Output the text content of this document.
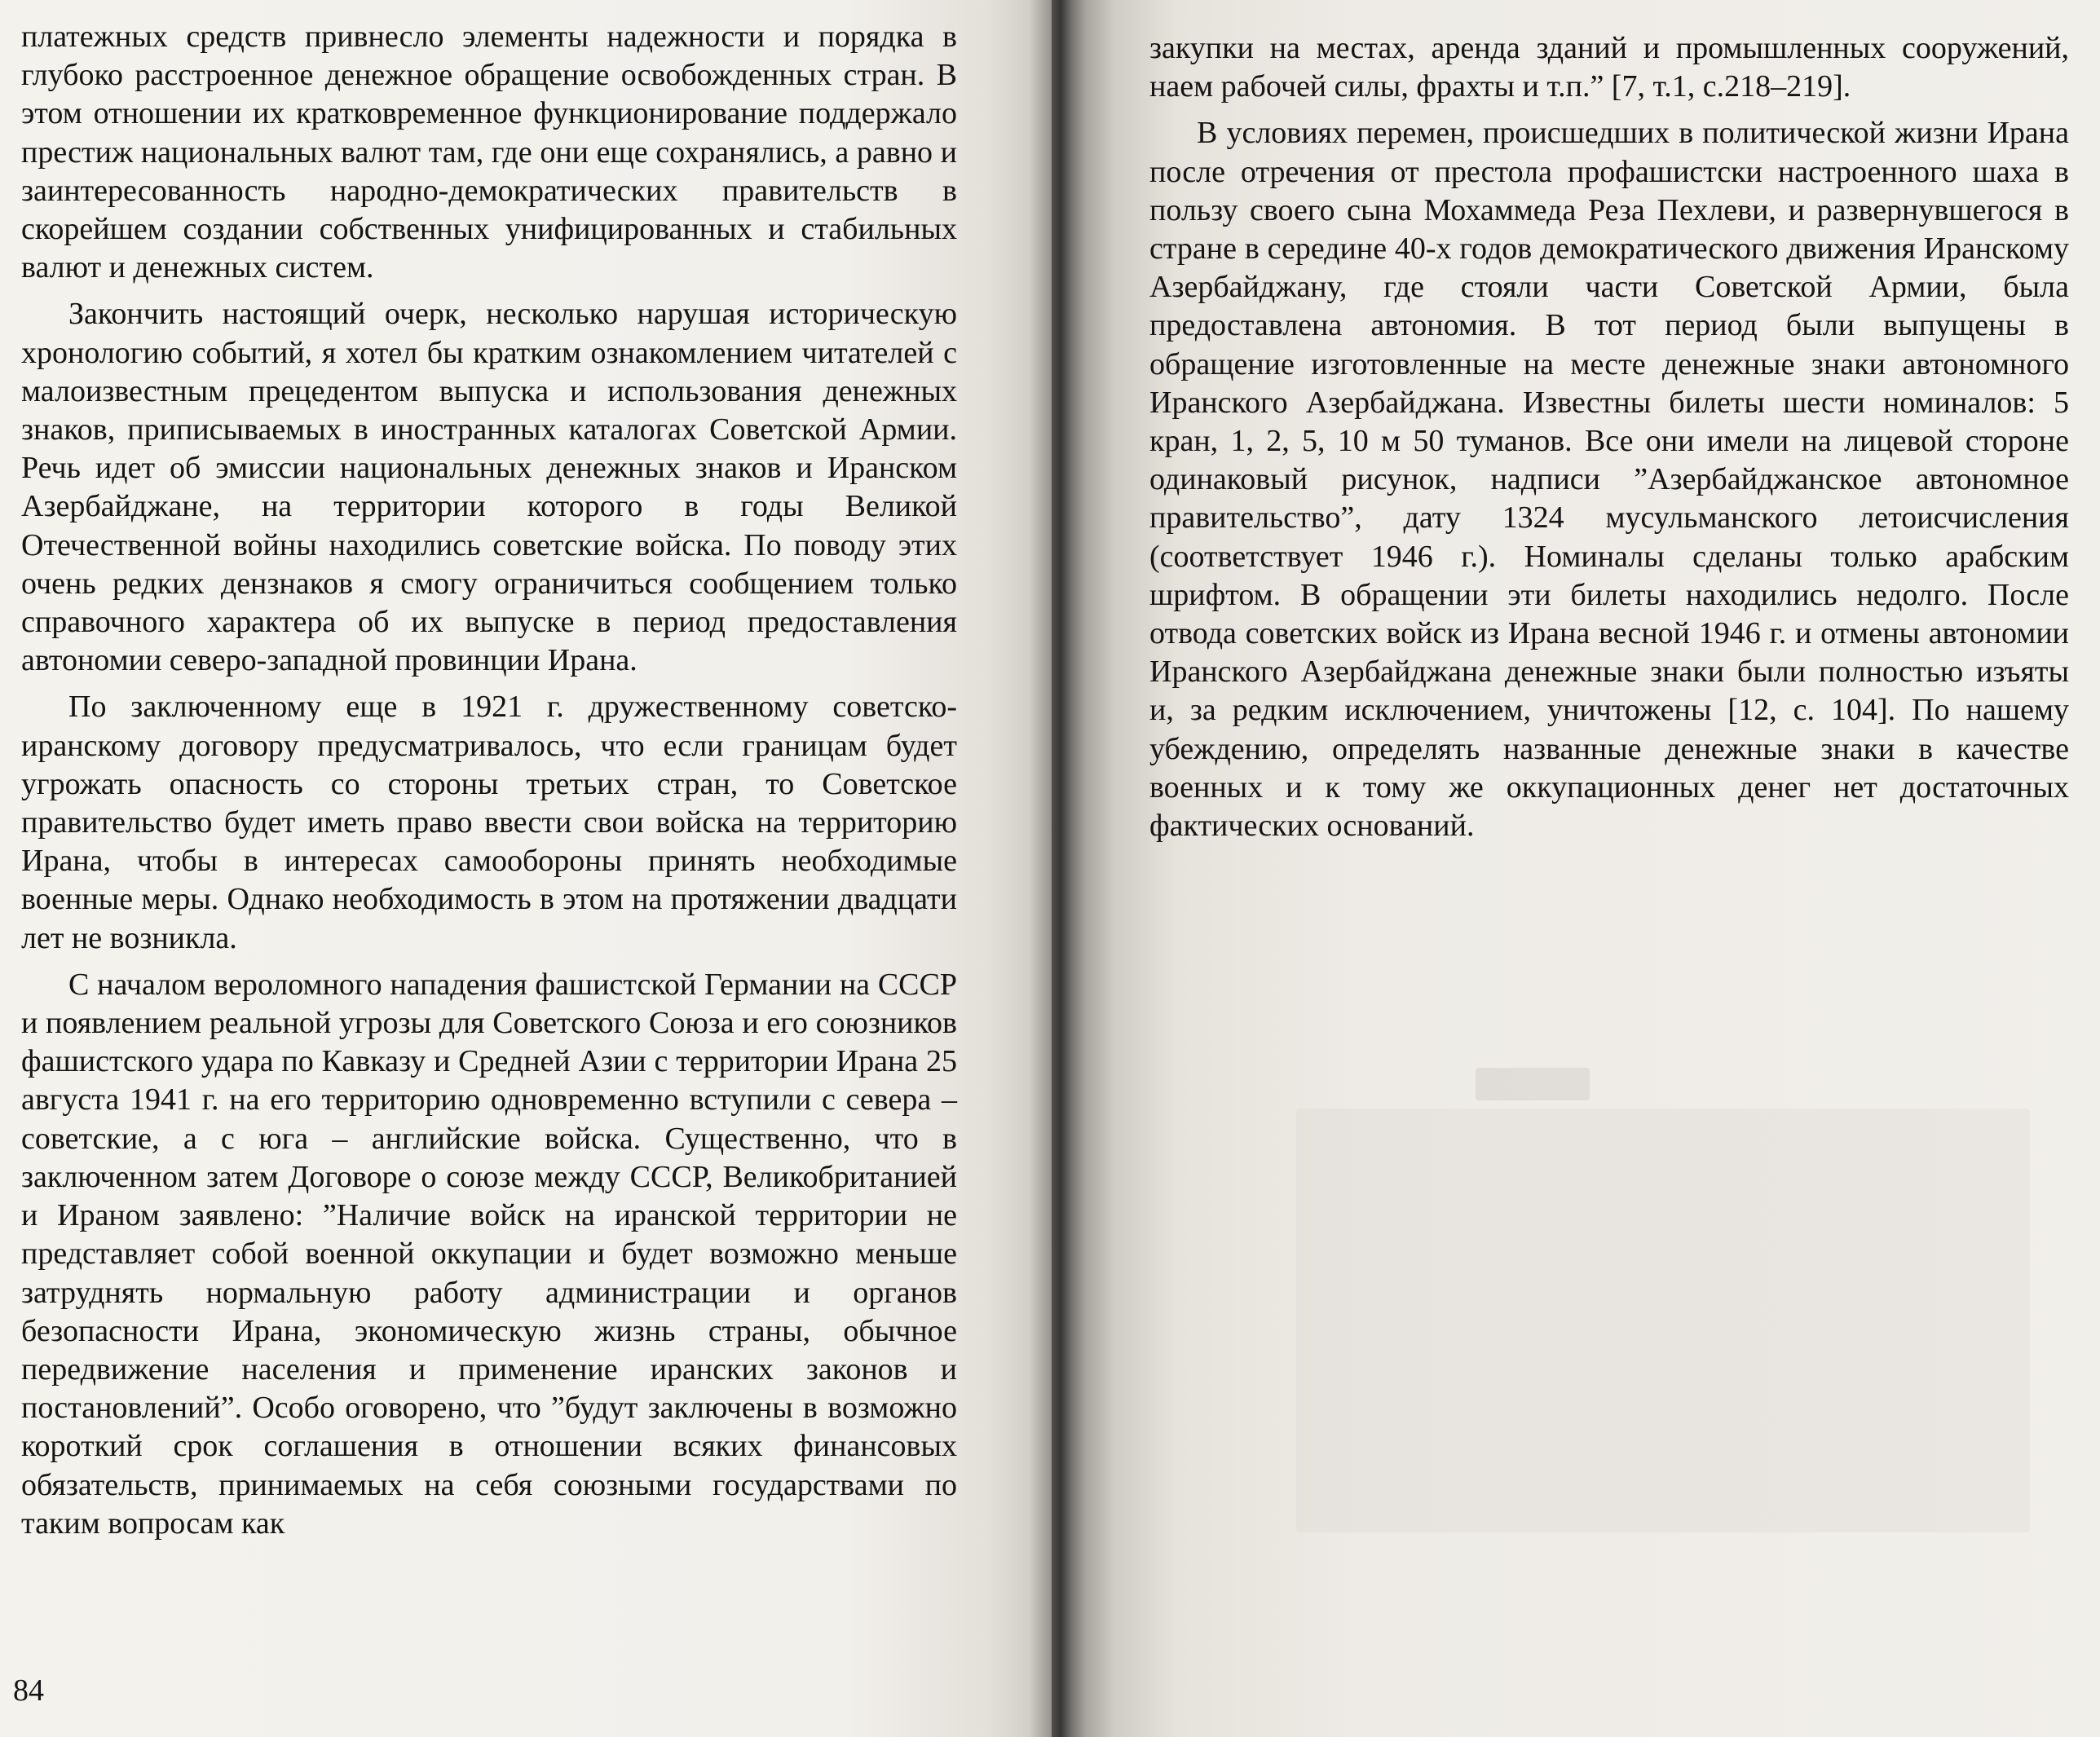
платежных средств привнесло элементы надежности и порядка в глубоко расстроенное денежное обращение освобожденных стран. В этом отношении их кратковременное функционирование поддержало престиж национальных валют там, где они еще сохранялись, а равно и заинтересованность народно-демократических правительств в скорейшем создании собственных унифицированных и стабильных валют и денежных систем.

Закончить настоящий очерк, несколько нарушая историческую хронологию событий, я хотел бы кратким ознакомлением читателей с малоизвестным прецедентом выпуска и использования денежных знаков, приписываемых в иностранных каталогах Советской Армии. Речь идет об эмиссии национальных денежных знаков и Иранском Азербайджане, на территории которого в годы Великой Отечественной войны находились советские войска. По поводу этих очень редких дензнаков я смогу ограничиться сообщением только справочного характера об их выпуске в период предоставления автономии северо-западной провинции Ирана.

По заключенному еще в 1921 г. дружественному советско-иранскому договору предусматривалось, что если границам будет угрожать опасность со стороны третьих стран, то Советское правительство будет иметь право ввести свои войска на территорию Ирана, чтобы в интересах самообороны принять необходимые военные меры. Однако необходимость в этом на протяжении двадцати лет не возникла.

С началом вероломного нападения фашистской Германии на СССР и появлением реальной угрозы для Советского Союза и его союзников фашистского удара по Кавказу и Средней Азии с территории Ирана 25 августа 1941 г. на его территорию одновременно вступили с севера – советские, а с юга – английские войска. Существенно, что в заключенном затем Договоре о союзе между СССР, Великобританией и Ираном заявлено: ”Наличие войск на иранской территории не представляет собой военной оккупации и будет возможно меньше затруднять нормальную работу администрации и органов безопасности Ирана, экономическую жизнь страны, обычное передвижение населения и применение иранских законов и постановлений”. Особо оговорено, что ”будут заключены в возможно короткий срок соглашения в отношении всяких финансовых обязательств, принимаемых на себя союзными государствами по таким вопросам как

84

закупки на местах, аренда зданий и промышленных сооружений, наем рабочей силы, фрахты и т.п.” [7, т.1, с.218–219].

В условиях перемен, происшедших в политической жизни Ирана после отречения от престола профашистски настроенного шаха в пользу своего сына Мохаммеда Реза Пехлеви, и развернувшегося в стране в середине 40-х годов демократического движения Иранскому Азербайджану, где стояли части Советской Армии, была предоставлена автономия. В тот период были выпущены в обращение изготовленные на месте денежные знаки автономного Иранского Азербайджана. Известны билеты шести номиналов: 5 кран, 1, 2, 5, 10 м 50 туманов. Все они имели на лицевой стороне одинаковый рисунок, надписи ”Азербайджанское автономное правительство”, дату 1324 мусульманского летоисчисления (соответствует 1946 г.). Номиналы сделаны только арабским шрифтом. В обращении эти билеты находились недолго. После отвода советских войск из Ирана весной 1946 г. и отмены автономии Иранского Азербайджана денежные знаки были полностью изъяты и, за редким исключением, уничтожены [12, с. 104]. По нашему убеждению, определять названные денежные знаки в качестве военных и к тому же оккупационных денег нет достаточных фактических оснований.
